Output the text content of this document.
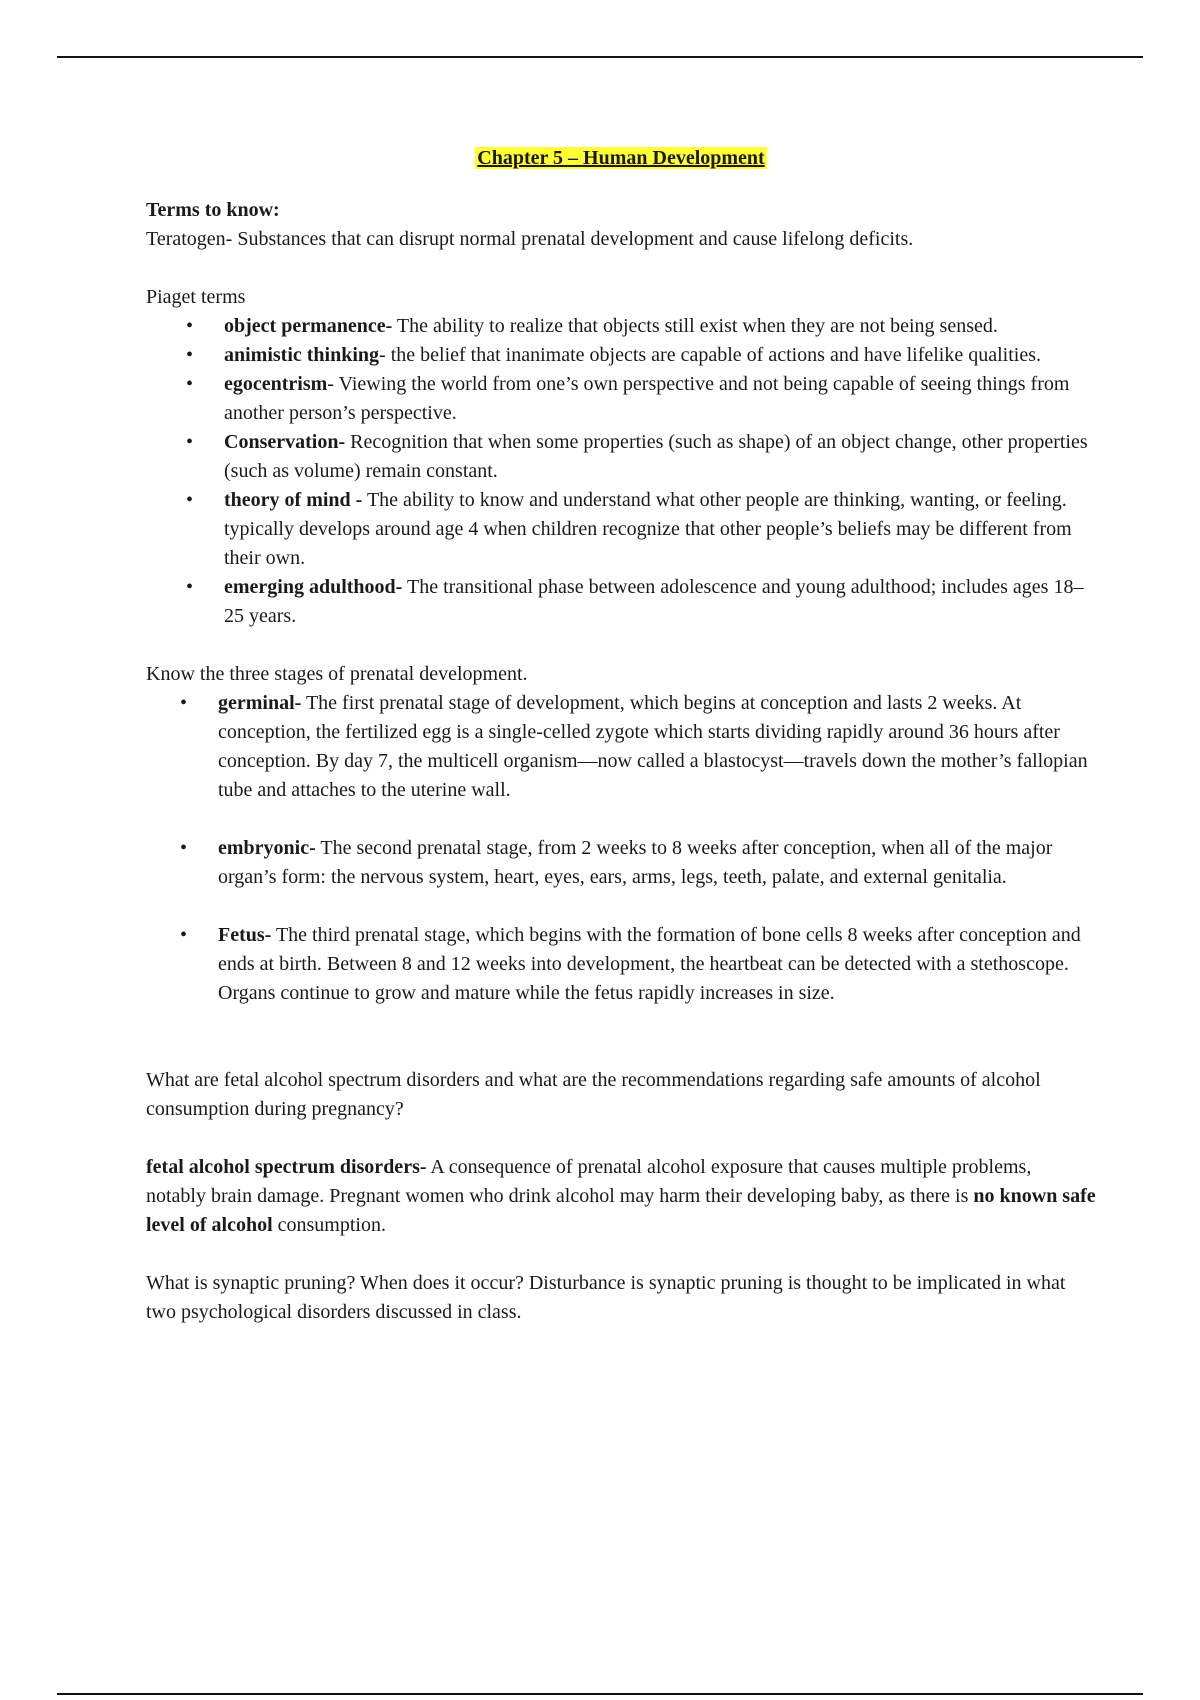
Chapter 5 – Human Development

Terms to know:

Teratogen- Substances that can disrupt normal prenatal development and cause lifelong deficits.

Piaget terms

• object permanence- The ability to realize that objects still exist when they are not being sensed.
• animistic thinking- the belief that inanimate objects are capable of actions and have lifelike qualities.
• egocentrism- Viewing the world from one’s own perspective and not being capable of seeing things from another person’s perspective.
• Conservation- Recognition that when some properties (such as shape) of an object change, other properties (such as volume) remain constant.
• theory of mind - The ability to know and understand what other people are thinking, wanting, or feeling. typically develops around age 4 when children recognize that other people’s beliefs may be different from their own.
• emerging adulthood- The transitional phase between adolescence and young adulthood; includes ages 18–25 years.

Know the three stages of prenatal development.

• germinal- The first prenatal stage of development, which begins at conception and lasts 2 weeks. At conception, the fertilized egg is a single-celled zygote which starts dividing rapidly around 36 hours after conception. By day 7, the multicell organism—now called a blastocyst—travels down the mother’s fallopian tube and attaches to the uterine wall.
• embryonic- The second prenatal stage, from 2 weeks to 8 weeks after conception, when all of the major organ’s form: the nervous system, heart, eyes, ears, arms, legs, teeth, palate, and external genitalia.
• Fetus- The third prenatal stage, which begins with the formation of bone cells 8 weeks after conception and ends at birth. Between 8 and 12 weeks into development, the heartbeat can be detected with a stethoscope. Organs continue to grow and mature while the fetus rapidly increases in size.

What are fetal alcohol spectrum disorders and what are the recommendations regarding safe amounts of alcohol consumption during pregnancy?

fetal alcohol spectrum disorders- A consequence of prenatal alcohol exposure that causes multiple problems, notably brain damage. Pregnant women who drink alcohol may harm their developing baby, as there is no known safe level of alcohol consumption.

What is synaptic pruning? When does it occur? Disturbance is synaptic pruning is thought to be implicated in what two psychological disorders discussed in class.
